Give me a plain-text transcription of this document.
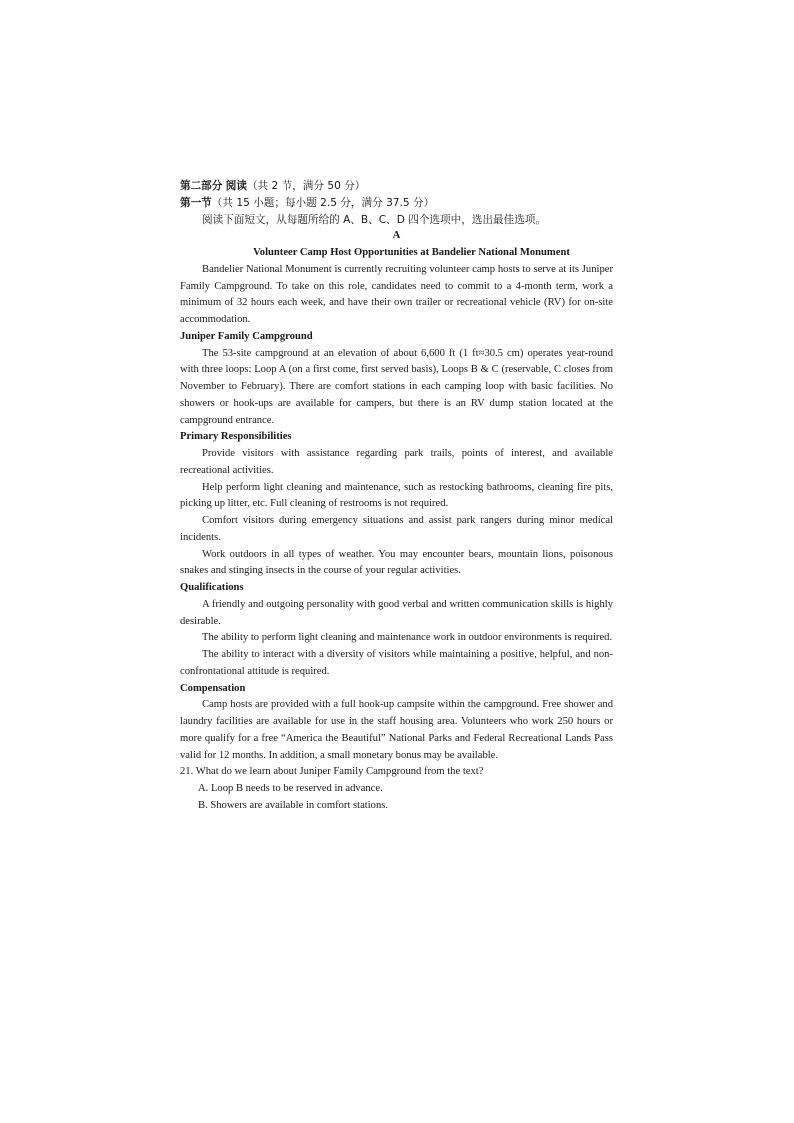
第二部分 阅读（共 2 节，满分 50 分）
第一节（共 15 小题；每小题 2.5 分，满分 37.5 分）
阅读下面短文，从每题所给的 A、B、C、D 四个选项中，选出最佳选项。
A
Volunteer Camp Host Opportunities at Bandelier National Monument

Bandelier National Monument is currently recruiting volunteer camp hosts to serve at its Juniper Family Campground. To take on this role, candidates need to commit to a 4-month term, work a minimum of 32 hours each week, and have their own trailer or recreational vehicle (RV) for on-site accommodation.

Juniper Family Campground

The 53-site campground at an elevation of about 6,600 ft (1 ft≈30.5 cm) operates year-round with three loops: Loop A (on a first come, first served basis), Loops B & C (reservable, C closes from November to February). There are comfort stations in each camping loop with basic facilities. No showers or hook-ups are available for campers, but there is an RV dump station located at the campground entrance.

Primary Responsibilities

Provide visitors with assistance regarding park trails, points of interest, and available recreational activities.

Help perform light cleaning and maintenance, such as restocking bathrooms, cleaning fire pits, picking up litter, etc. Full cleaning of restrooms is not required.

Comfort visitors during emergency situations and assist park rangers during minor medical incidents.

Work outdoors in all types of weather. You may encounter bears, mountain lions, poisonous snakes and stinging insects in the course of your regular activities.

Qualifications

A friendly and outgoing personality with good verbal and written communication skills is highly desirable.

The ability to perform light cleaning and maintenance work in outdoor environments is required.

The ability to interact with a diversity of visitors while maintaining a positive, helpful, and non-confrontational attitude is required.

Compensation

Camp hosts are provided with a full hook-up campsite within the campground. Free shower and laundry facilities are available for use in the staff housing area. Volunteers who work 250 hours or more qualify for a free “America the Beautiful” National Parks and Federal Recreational Lands Pass valid for 12 months. In addition, a small monetary bonus may be available.

21. What do we learn about Juniper Family Campground from the text?

A. Loop B needs to be reserved in advance.

B. Showers are available in comfort stations.
